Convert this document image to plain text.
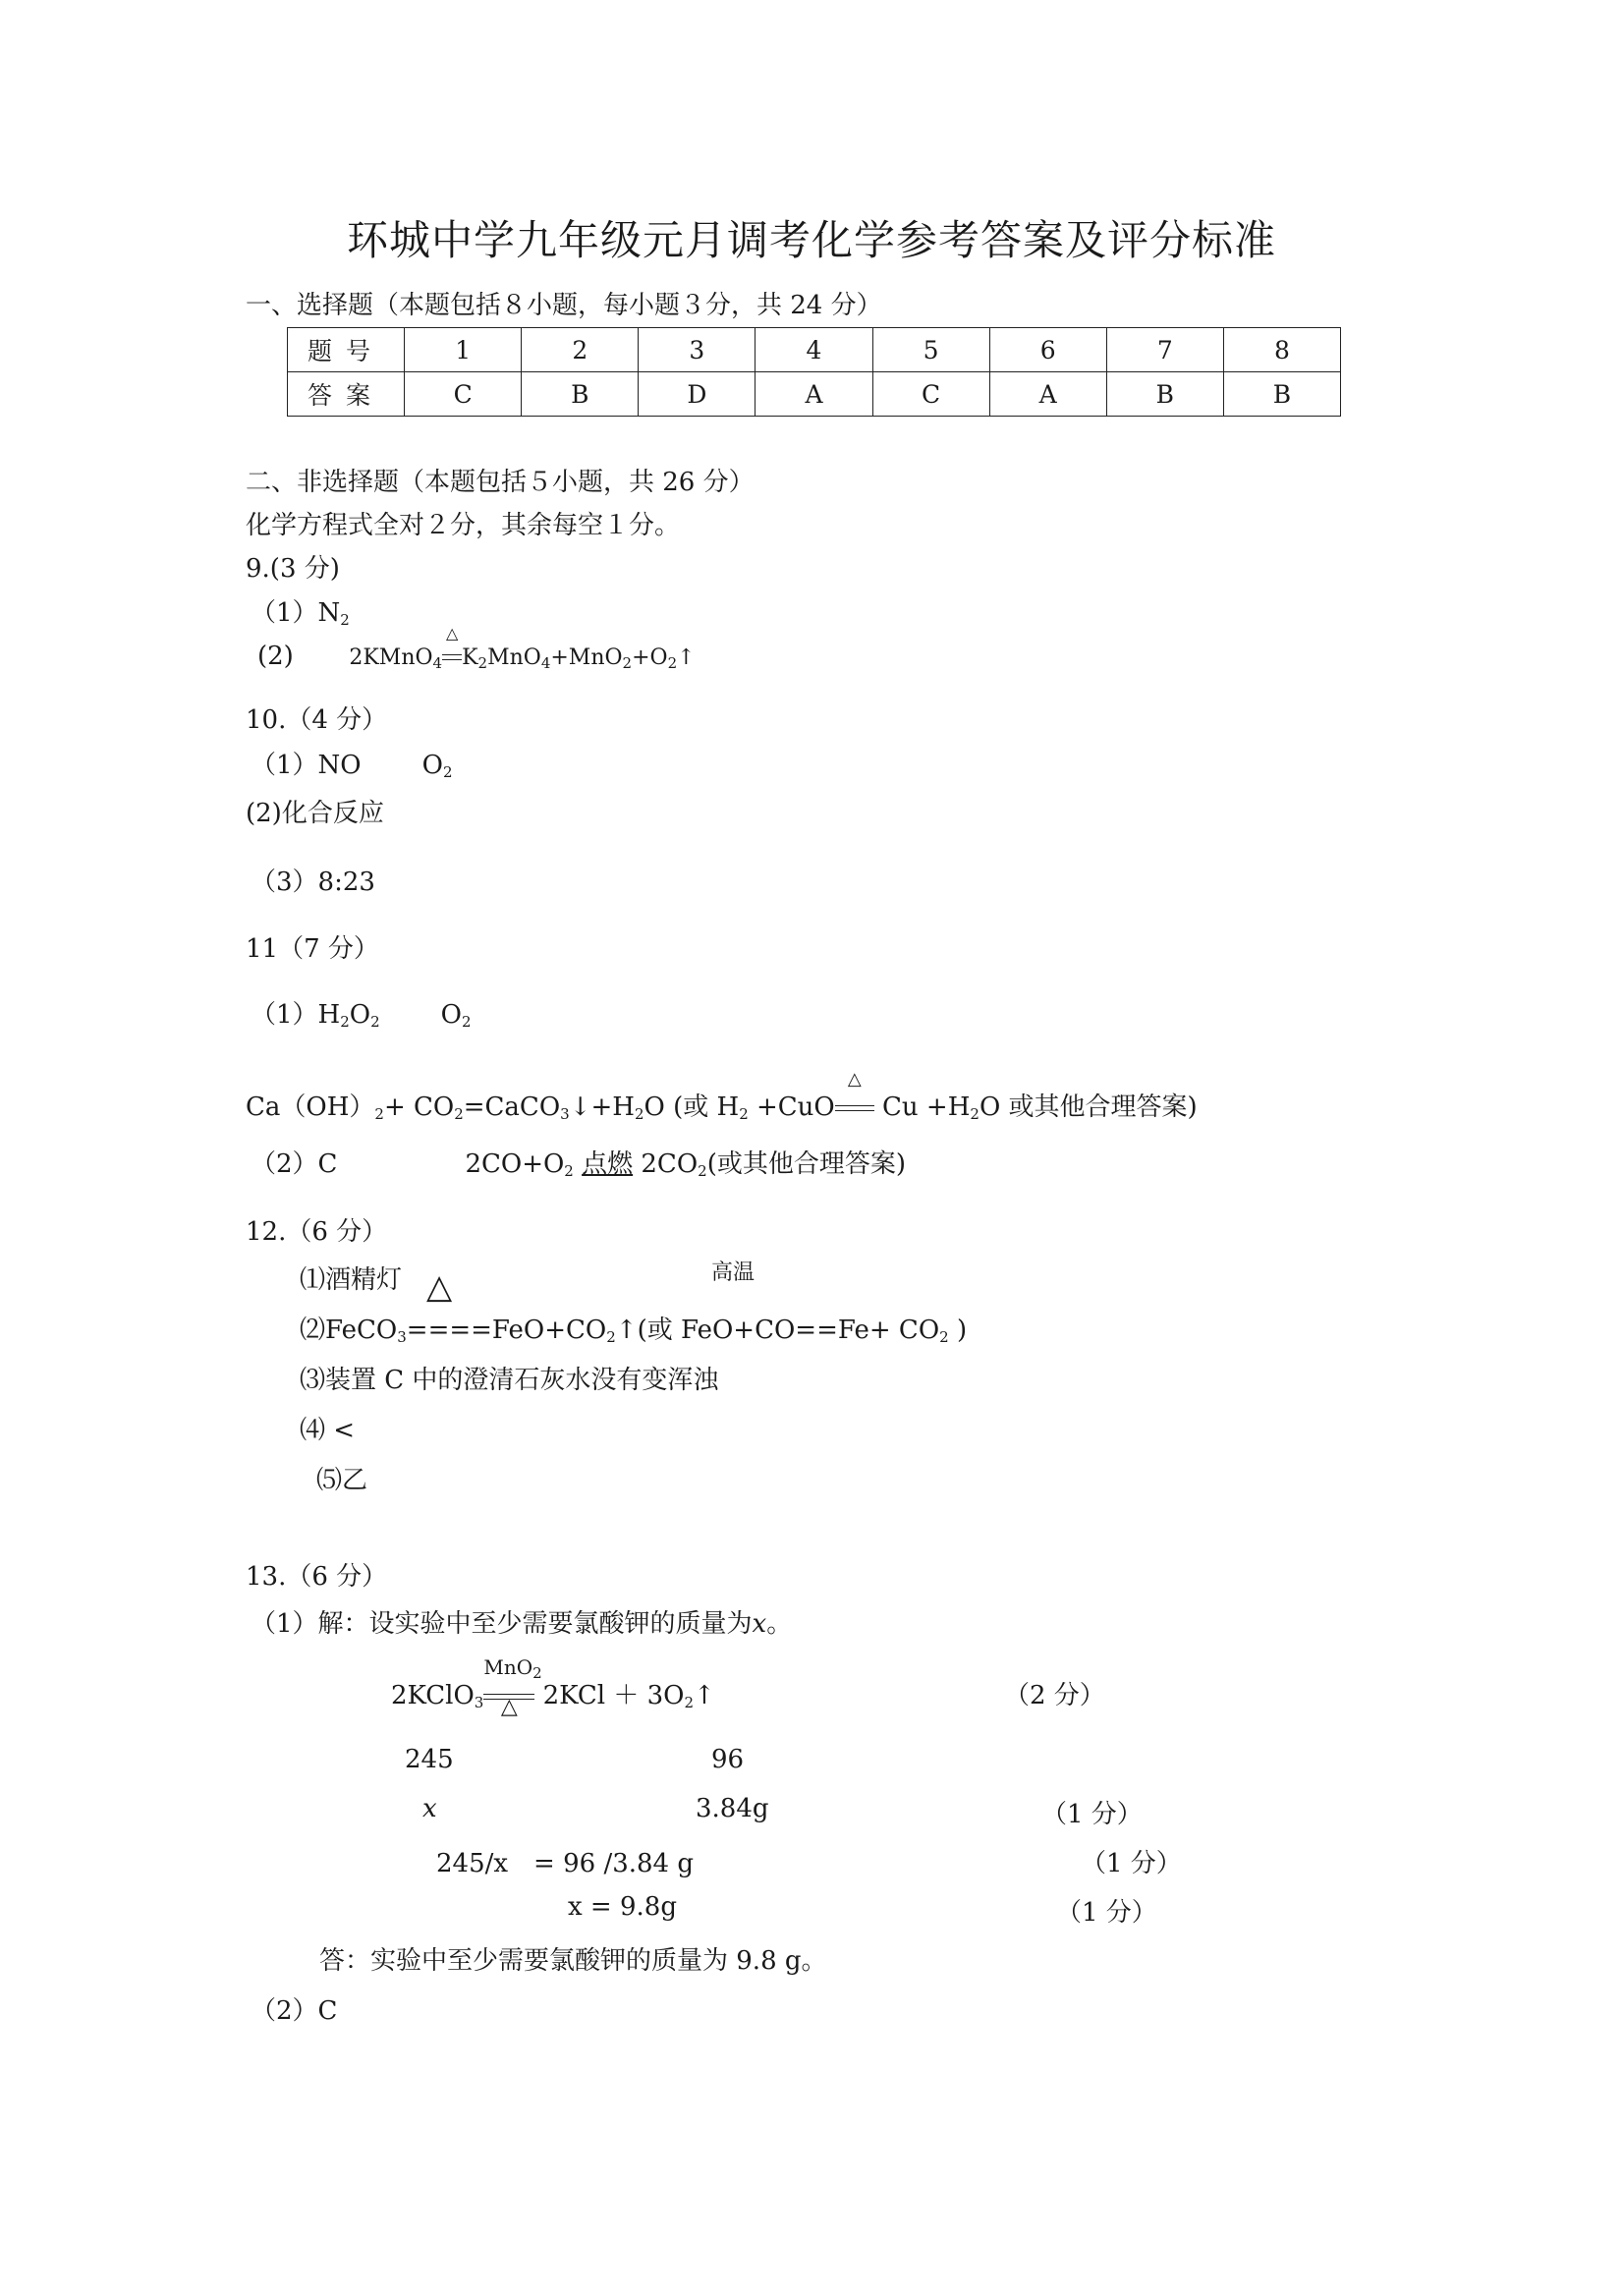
环城中学九年级元月调考化学参考答案及评分标准
一、选择题（本题包括８小题，每小题３分，共 24 分）
题号	1	2	3	4	5	6	7	8
答案	C	B	D	A	C	A	B	B
二、非选择题（本题包括５小题，共 26 分）
化学方程式全对２分，其余每空１分。
9.(3 分)
$(1)N_2$
(2)	2KMnO$_4$
△
$K_2MnO_4+MnO_2+O_2↑$
10.（4 分）
（1）NO $O_2$
(2)化合反应
（3）8:23
11（7 分）
$(1)H_2O_2$ $O_2$
$Ca(OH)_2+$ $CO_2=CaCO_3↓+H_2O$ (或 $H_2 +CuO$
△
$Cu +H_2O$ 或其他合理答案)
（2）C	$2CO+O_2$ 点燃 $2CO_2$(或其他合理答案)
12.（6 分）
⑴酒精灯 △	高温
$⑵FeCO_3====FeO+CO_2↑$(或 $FeO+CO==Fe+ CO_2$ )
⑶装置 C 中的澄清石灰水没有变浑浊
⑷ <
⑸乙
13.（6 分）
（1）解：设实验中至少需要氯酸钾的质量为x。
2KClO$_3$
MnO$_2$
△ $2KCl + 3O_2↑$	（2 分）
245	96
x	3.84g	（1 分）
245/x　= 96 /3.84 g	（1 分）
x = 9.8g	（1 分）
答：实验中至少需要氯酸钾的质量为 9.8 g。
（2）C
